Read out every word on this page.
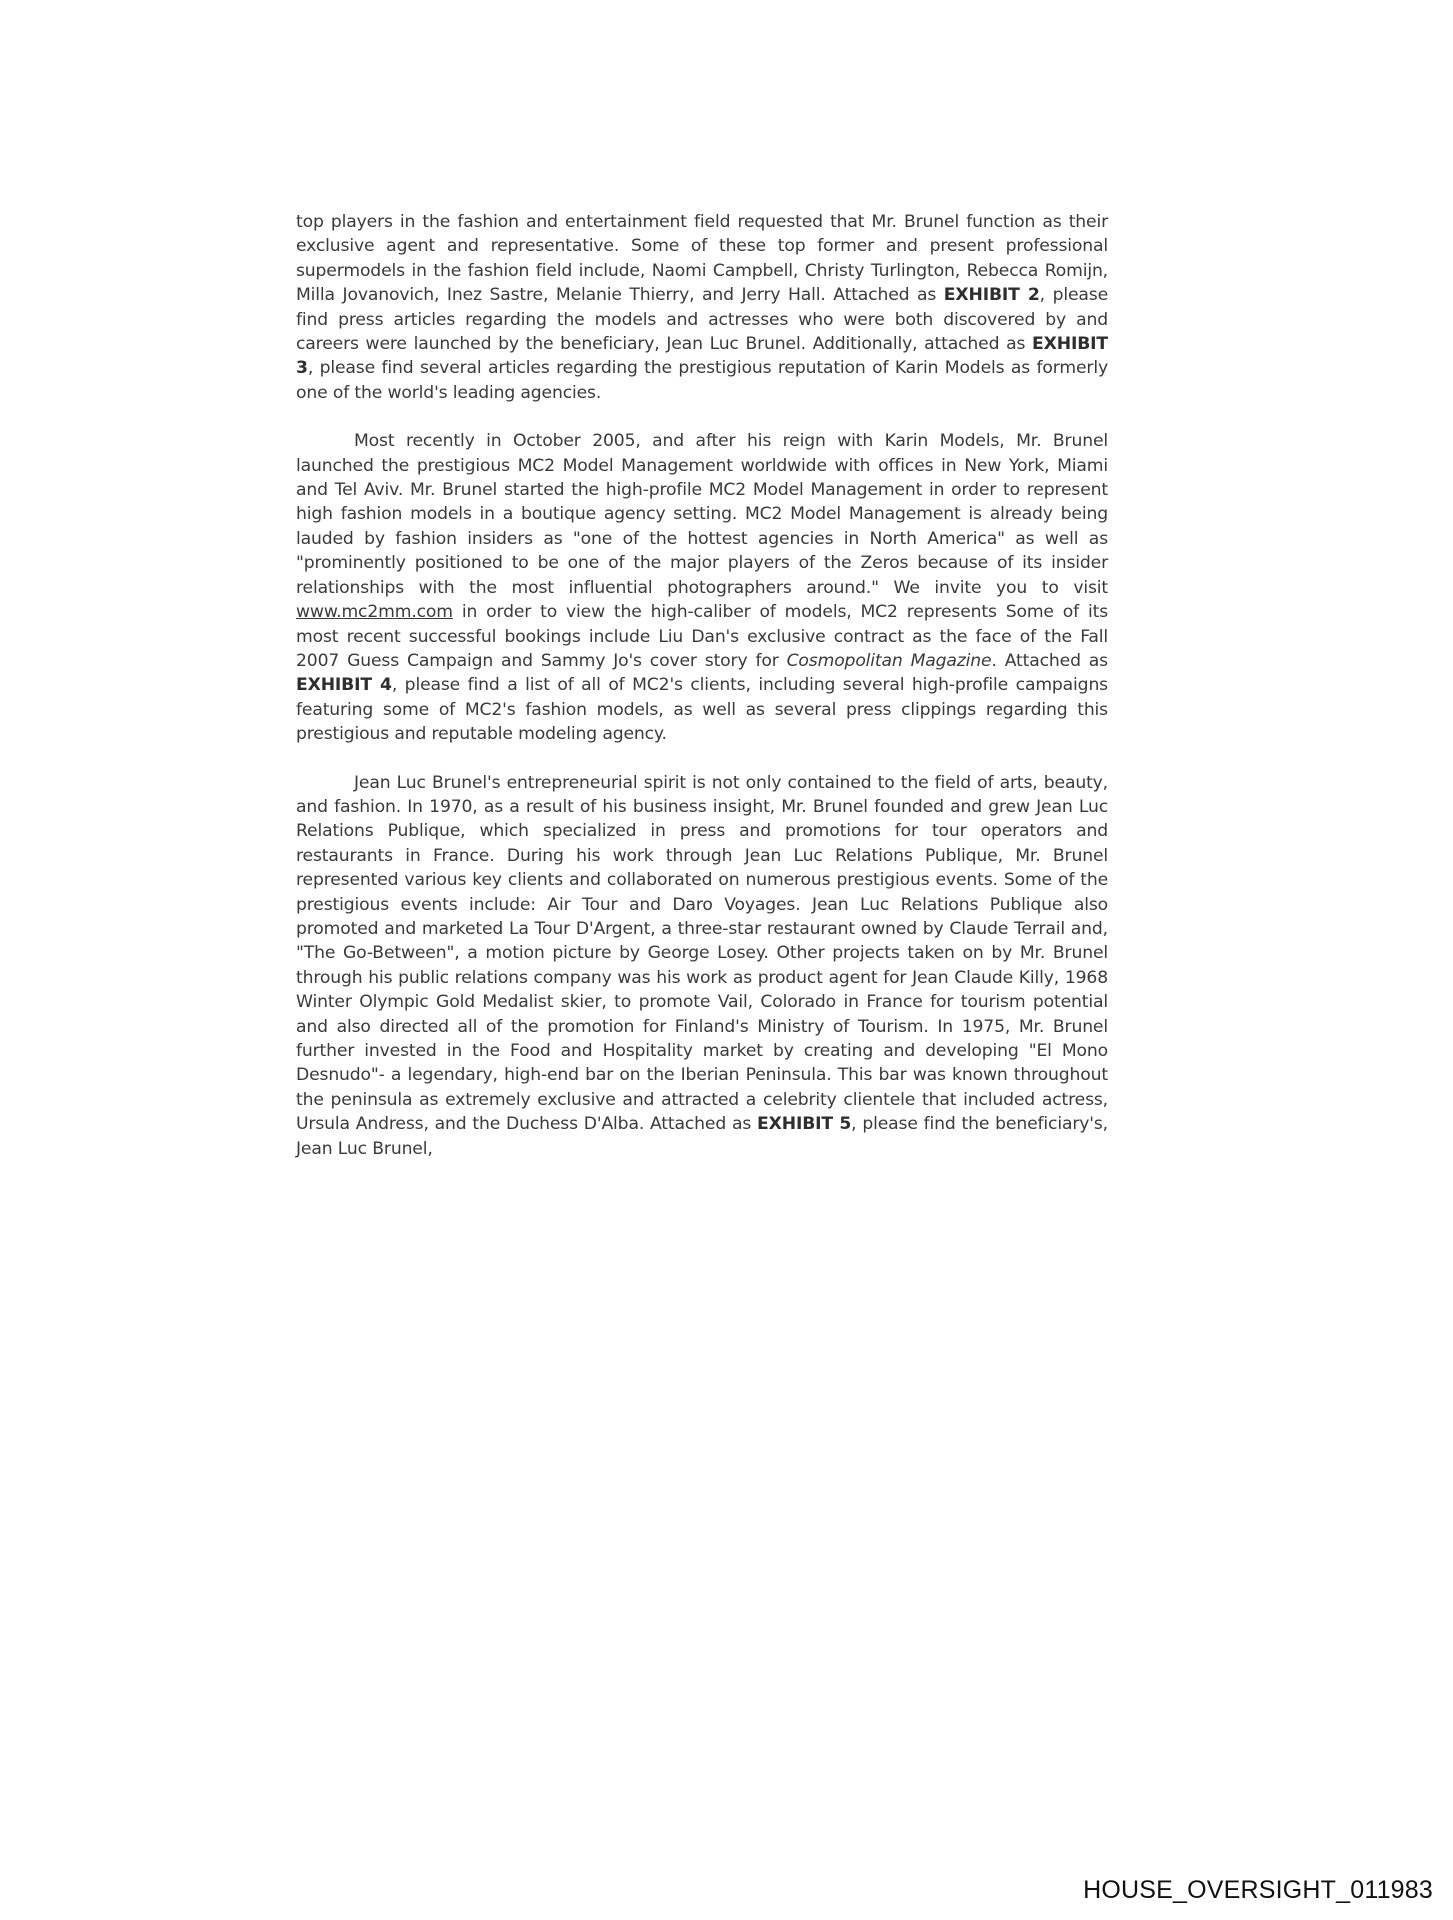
top players in the fashion and entertainment field requested that Mr. Brunel function as their exclusive agent and representative. Some of these top former and present professional supermodels in the fashion field include, Naomi Campbell, Christy Turlington, Rebecca Romijn, Milla Jovanovich, Inez Sastre, Melanie Thierry, and Jerry Hall. Attached as EXHIBIT 2, please find press articles regarding the models and actresses who were both discovered by and careers were launched by the beneficiary, Jean Luc Brunel. Additionally, attached as EXHIBIT 3, please find several articles regarding the prestigious reputation of Karin Models as formerly one of the world's leading agencies.

Most recently in October 2005, and after his reign with Karin Models, Mr. Brunel launched the prestigious MC2 Model Management worldwide with offices in New York, Miami and Tel Aviv. Mr. Brunel started the high-profile MC2 Model Management in order to represent high fashion models in a boutique agency setting. MC2 Model Management is already being lauded by fashion insiders as "one of the hottest agencies in North America" as well as "prominently positioned to be one of the major players of the Zeros because of its insider relationships with the most influential photographers around." We invite you to visit www.mc2mm.com in order to view the high-caliber of models, MC2 represents Some of its most recent successful bookings include Liu Dan's exclusive contract as the face of the Fall 2007 Guess Campaign and Sammy Jo's cover story for Cosmopolitan Magazine. Attached as EXHIBIT 4, please find a list of all of MC2's clients, including several high-profile campaigns featuring some of MC2's fashion models, as well as several press clippings regarding this prestigious and reputable modeling agency.

Jean Luc Brunel's entrepreneurial spirit is not only contained to the field of arts, beauty, and fashion. In 1970, as a result of his business insight, Mr. Brunel founded and grew Jean Luc Relations Publique, which specialized in press and promotions for tour operators and restaurants in France. During his work through Jean Luc Relations Publique, Mr. Brunel represented various key clients and collaborated on numerous prestigious events. Some of the prestigious events include: Air Tour and Daro Voyages. Jean Luc Relations Publique also promoted and marketed La Tour D'Argent, a three-star restaurant owned by Claude Terrail and, "The Go-Between", a motion picture by George Losey. Other projects taken on by Mr. Brunel through his public relations company was his work as product agent for Jean Claude Killy, 1968 Winter Olympic Gold Medalist skier, to promote Vail, Colorado in France for tourism potential and also directed all of the promotion for Finland's Ministry of Tourism. In 1975, Mr. Brunel further invested in the Food and Hospitality market by creating and developing "El Mono Desnudo"- a legendary, high-end bar on the Iberian Peninsula. This bar was known throughout the peninsula as extremely exclusive and attracted a celebrity clientele that included actress, Ursula Andress, and the Duchess D'Alba. Attached as EXHIBIT 5, please find the beneficiary's, Jean Luc Brunel,

HOUSE_OVERSIGHT_011983
